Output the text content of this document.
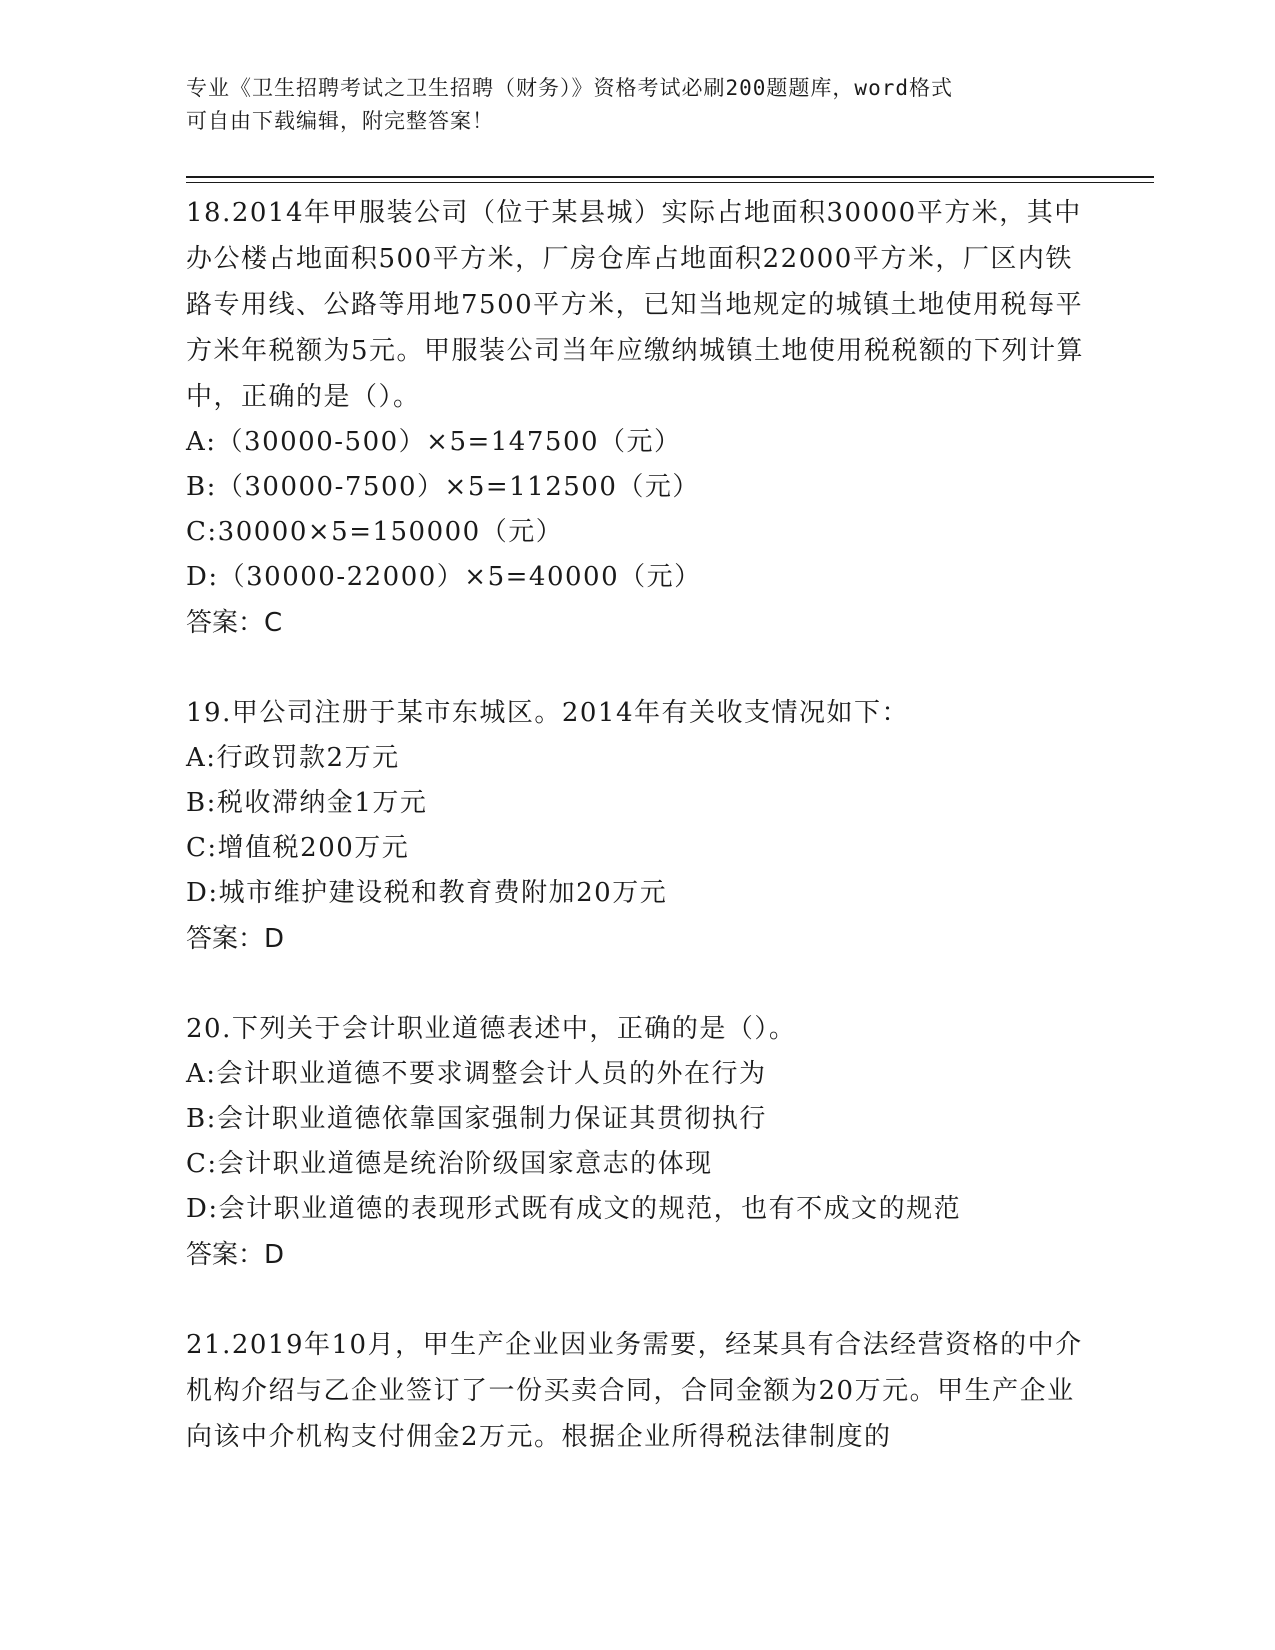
专业《卫生招聘考试之卫生招聘（财务）》资格考试必刷200题题库，word格式
可自由下载编辑，附完整答案！

18.2014年甲服装公司（位于某县城）实际占地面积30000平方米，其中办公楼占地面积500平方米，厂房仓库占地面积22000平方米，厂区内铁路专用线、公路等用地7500平方米，已知当地规定的城镇土地使用税每平方米年税额为5元。甲服装公司当年应缴纳城镇土地使用税税额的下列计算中，正确的是（）。

A:（30000-500）×5=147500（元）

B:（30000-7500）×5=112500（元）

C:30000×5=150000（元）

D:（30000-22000）×5=40000（元）

答案：C

19.甲公司注册于某市东城区。2014年有关收支情况如下：

A:行政罚款2万元

B:税收滞纳金1万元

C:增值税200万元

D:城市维护建设税和教育费附加20万元

答案：D

20.下列关于会计职业道德表述中，正确的是（）。

A:会计职业道德不要求调整会计人员的外在行为

B:会计职业道德依靠国家强制力保证其贯彻执行

C:会计职业道德是统治阶级国家意志的体现

D:会计职业道德的表现形式既有成文的规范，也有不成文的规范

答案：D

21.2019年10月，甲生产企业因业务需要，经某具有合法经营资格的中介机构介绍与乙企业签订了一份买卖合同，合同金额为20万元。甲生产企业向该中介机构支付佣金2万元。根据企业所得税法律制度的
